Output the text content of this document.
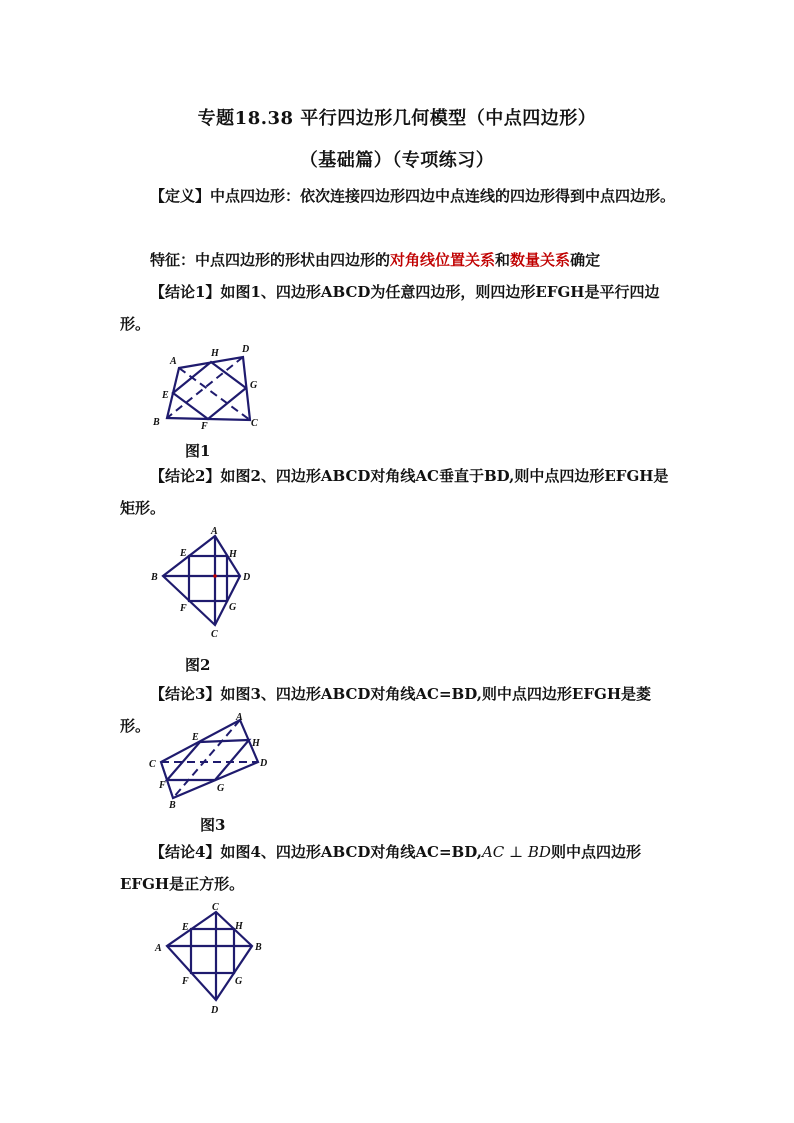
专题18.38 平行四边形几何模型（中点四边形）
（基础篇）（专项练习）
【定义】中点四边形：依次连接四边形四边中点连线的四边形得到中点四边形。
特征：中点四边形的形状由四边形的对角线位置关系和数量关系确定
【结论1】如图1、四边形ABCD为任意四边形，则四边形EFGH是平行四边形。
A
H D
G
E
B	F	C
图1
【结论2】如图2、四边形ABCD对角线AC垂直于BD,则中点四边形EFGH是矩形。
A
E	H
B	D
F	G
C
图2
【结论3】如图3、四边形ABCD对角线AC=BD,则中点四边形EFGH是菱形。	A
E
H
C	D
F	G
B
图3
【结论4】如图4、四边形ABCD对角线AC=BD,AC ⊥ BD则中点四边形EFGH是正方形。
C
E	H
A	B
F	G
D
